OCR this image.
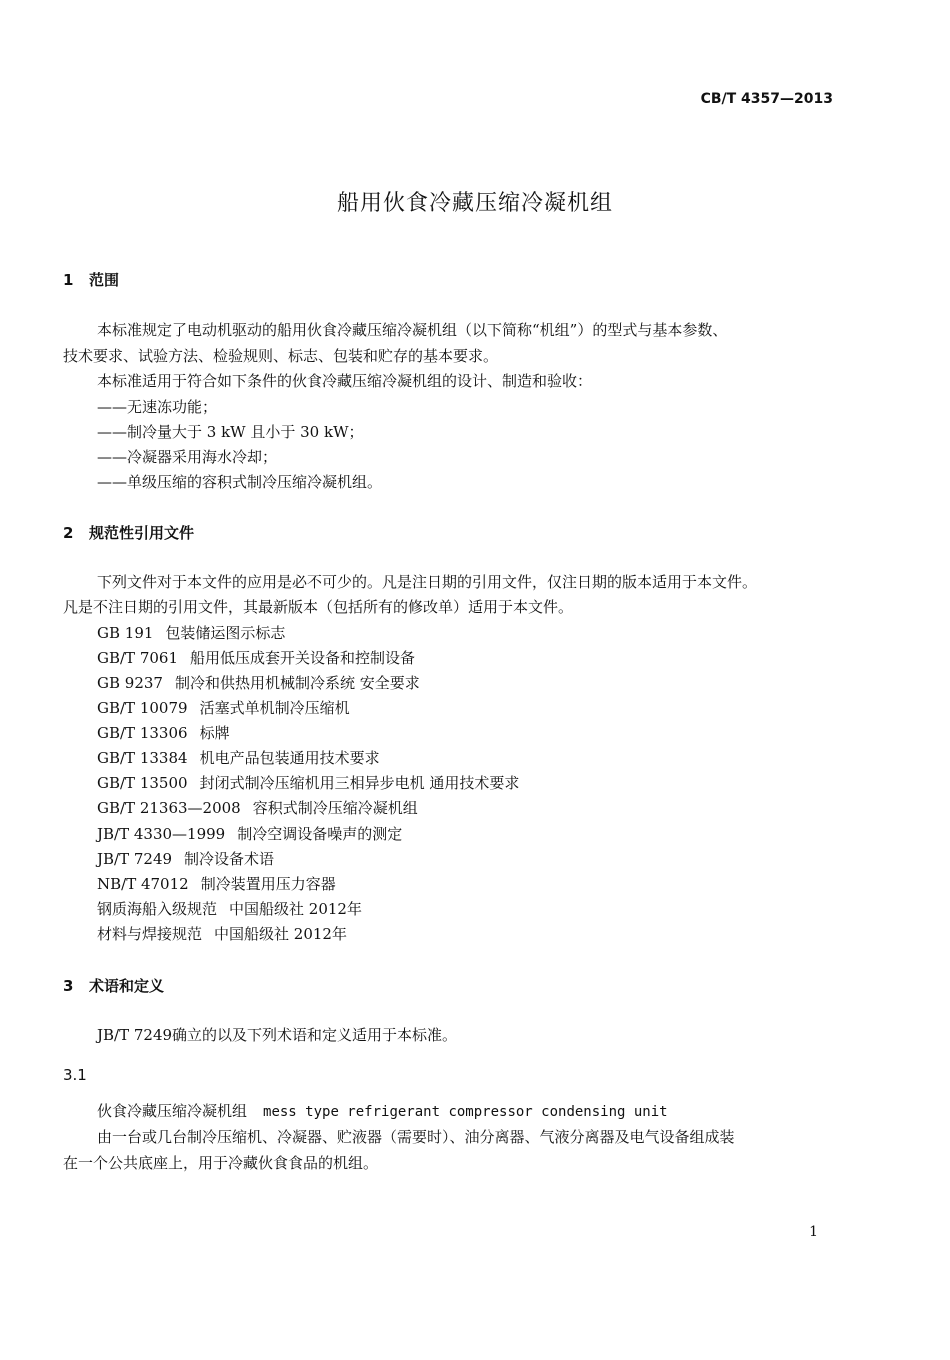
CB/T 4357—2013
船用伙食冷藏压缩冷凝机组
1 范围
本标准规定了电动机驱动的船用伙食冷藏压缩冷凝机组（以下简称“机组”）的型式与基本参数、
技术要求、试验方法、检验规则、标志、包装和贮存的基本要求。
本标准适用于符合如下条件的伙食冷藏压缩冷凝机组的设计、制造和验收：
——无速冻功能；
——制冷量大于 3 kW 且小于 30 kW；
——冷凝器采用海水冷却；
——单级压缩的容积式制冷压缩冷凝机组。
2 规范性引用文件
下列文件对于本文件的应用是必不可少的。凡是注日期的引用文件，仅注日期的版本适用于本文件。
凡是不注日期的引用文件，其最新版本（包括所有的修改单）适用于本文件。
GB 191 包装储运图示标志
GB/T 7061 船用低压成套开关设备和控制设备
GB 9237 制冷和供热用机械制冷系统 安全要求
GB/T 10079 活塞式单机制冷压缩机
GB/T 13306 标牌
GB/T 13384 机电产品包装通用技术要求
GB/T 13500 封闭式制冷压缩机用三相异步电机 通用技术要求
GB/T 21363—2008 容积式制冷压缩冷凝机组
JB/T 4330—1999 制冷空调设备噪声的测定
JB/T 7249 制冷设备术语
NB/T 47012 制冷装置用压力容器
钢质海船入级规范 中国船级社 2012年
材料与焊接规范 中国船级社 2012年
3 术语和定义
JB/T 7249确立的以及下列术语和定义适用于本标准。
3.1
伙食冷藏压缩冷凝机组 mess type refrigerant compressor condensing unit
由一台或几台制冷压缩机、冷凝器、贮液器（需要时）、油分离器、气液分离器及电气设备组成装
在一个公共底座上，用于冷藏伙食食品的机组。
1
